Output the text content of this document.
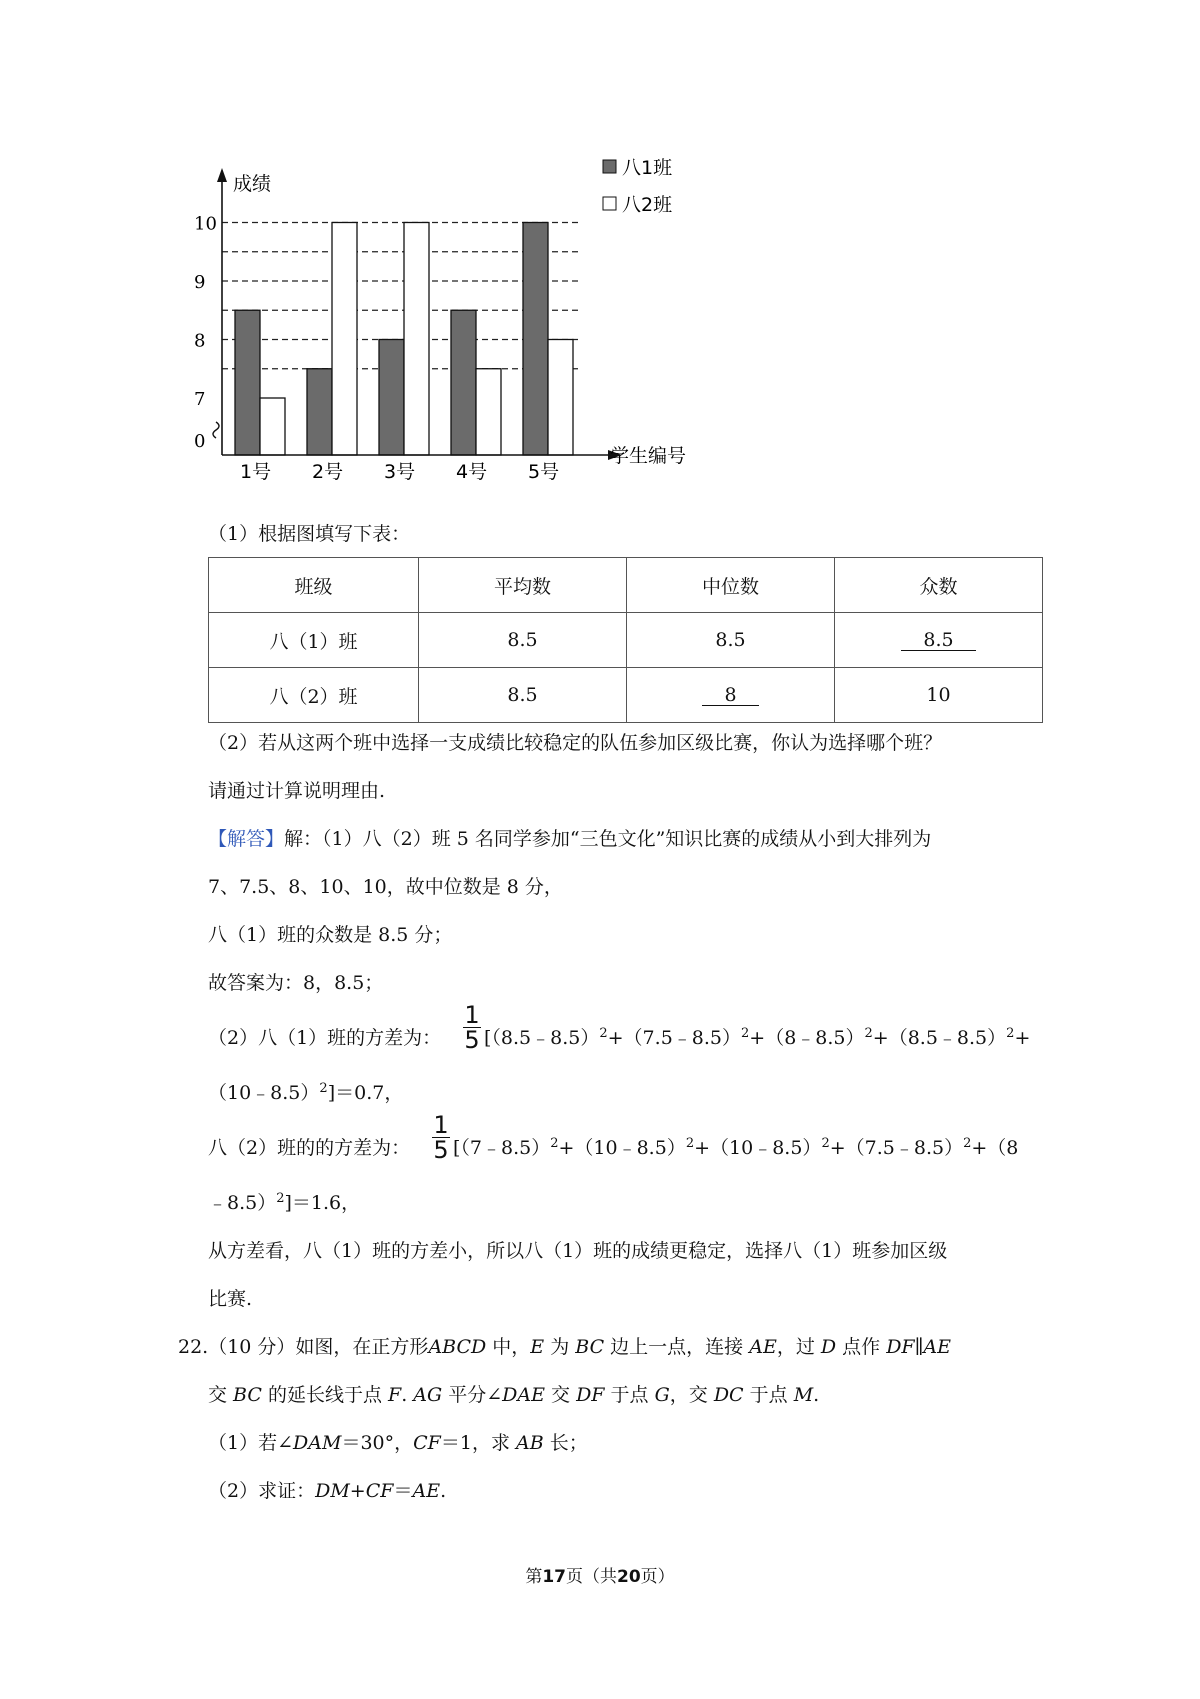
0
7
8
9
10
1号 2号 3号 4号 5号
成绩
学生编号
八1班
八2班
（1）根据图填写下表：
班级	平均数	中位数	众数
八（1）班	8.5	8.5	8.5
八（2）班	8.5	8	10
（2）若从这两个班中选择一支成绩比较稳定的队伍参加区级比赛，你认为选择哪个班？
请通过计算说明理由.
【解答】解：（1）八（2）班 5 名同学参加“三色文化”知识比赛的成绩从小到大排列为
7、7.5、8、10、10，故中位数是 8 分，
八（1）班的众数是 8.5 分；
故答案为：8，8.5；
（2）八（1）班的方差为：
1
5 [（8.5﹣8.5）$^2$+（7.5﹣8.5）$^2$+（8﹣8.5）$^2$+（8.5﹣8.5）$^2$+
（10﹣8.5）$^2$]＝0.7，
八（2）班的的方差为：
1
5 [（7﹣8.5）$^2$+（10﹣8.5）$^2$+（10﹣8.5）$^2$+（7.5﹣8.5）$^2$+（8
﹣8.5）$^2$]＝1.6，
从方差看，八（1）班的方差小，所以八（1）班的成绩更稳定，选择八（1）班参加区级
比赛.
22.（10 分）如图，在正方形ABCD 中，E 为 BC 边上一点，连接 AE，过 D 点作 DF∥AE
交 BC 的延长线于点 F. AG 平分∠DAE 交 DF 于点 G，交 DC 于点 M.
（1）若∠DAM＝30°，CF＝1，求 AB 长；
（2）求证：DM+CF＝AE.
第17页（共20页）
